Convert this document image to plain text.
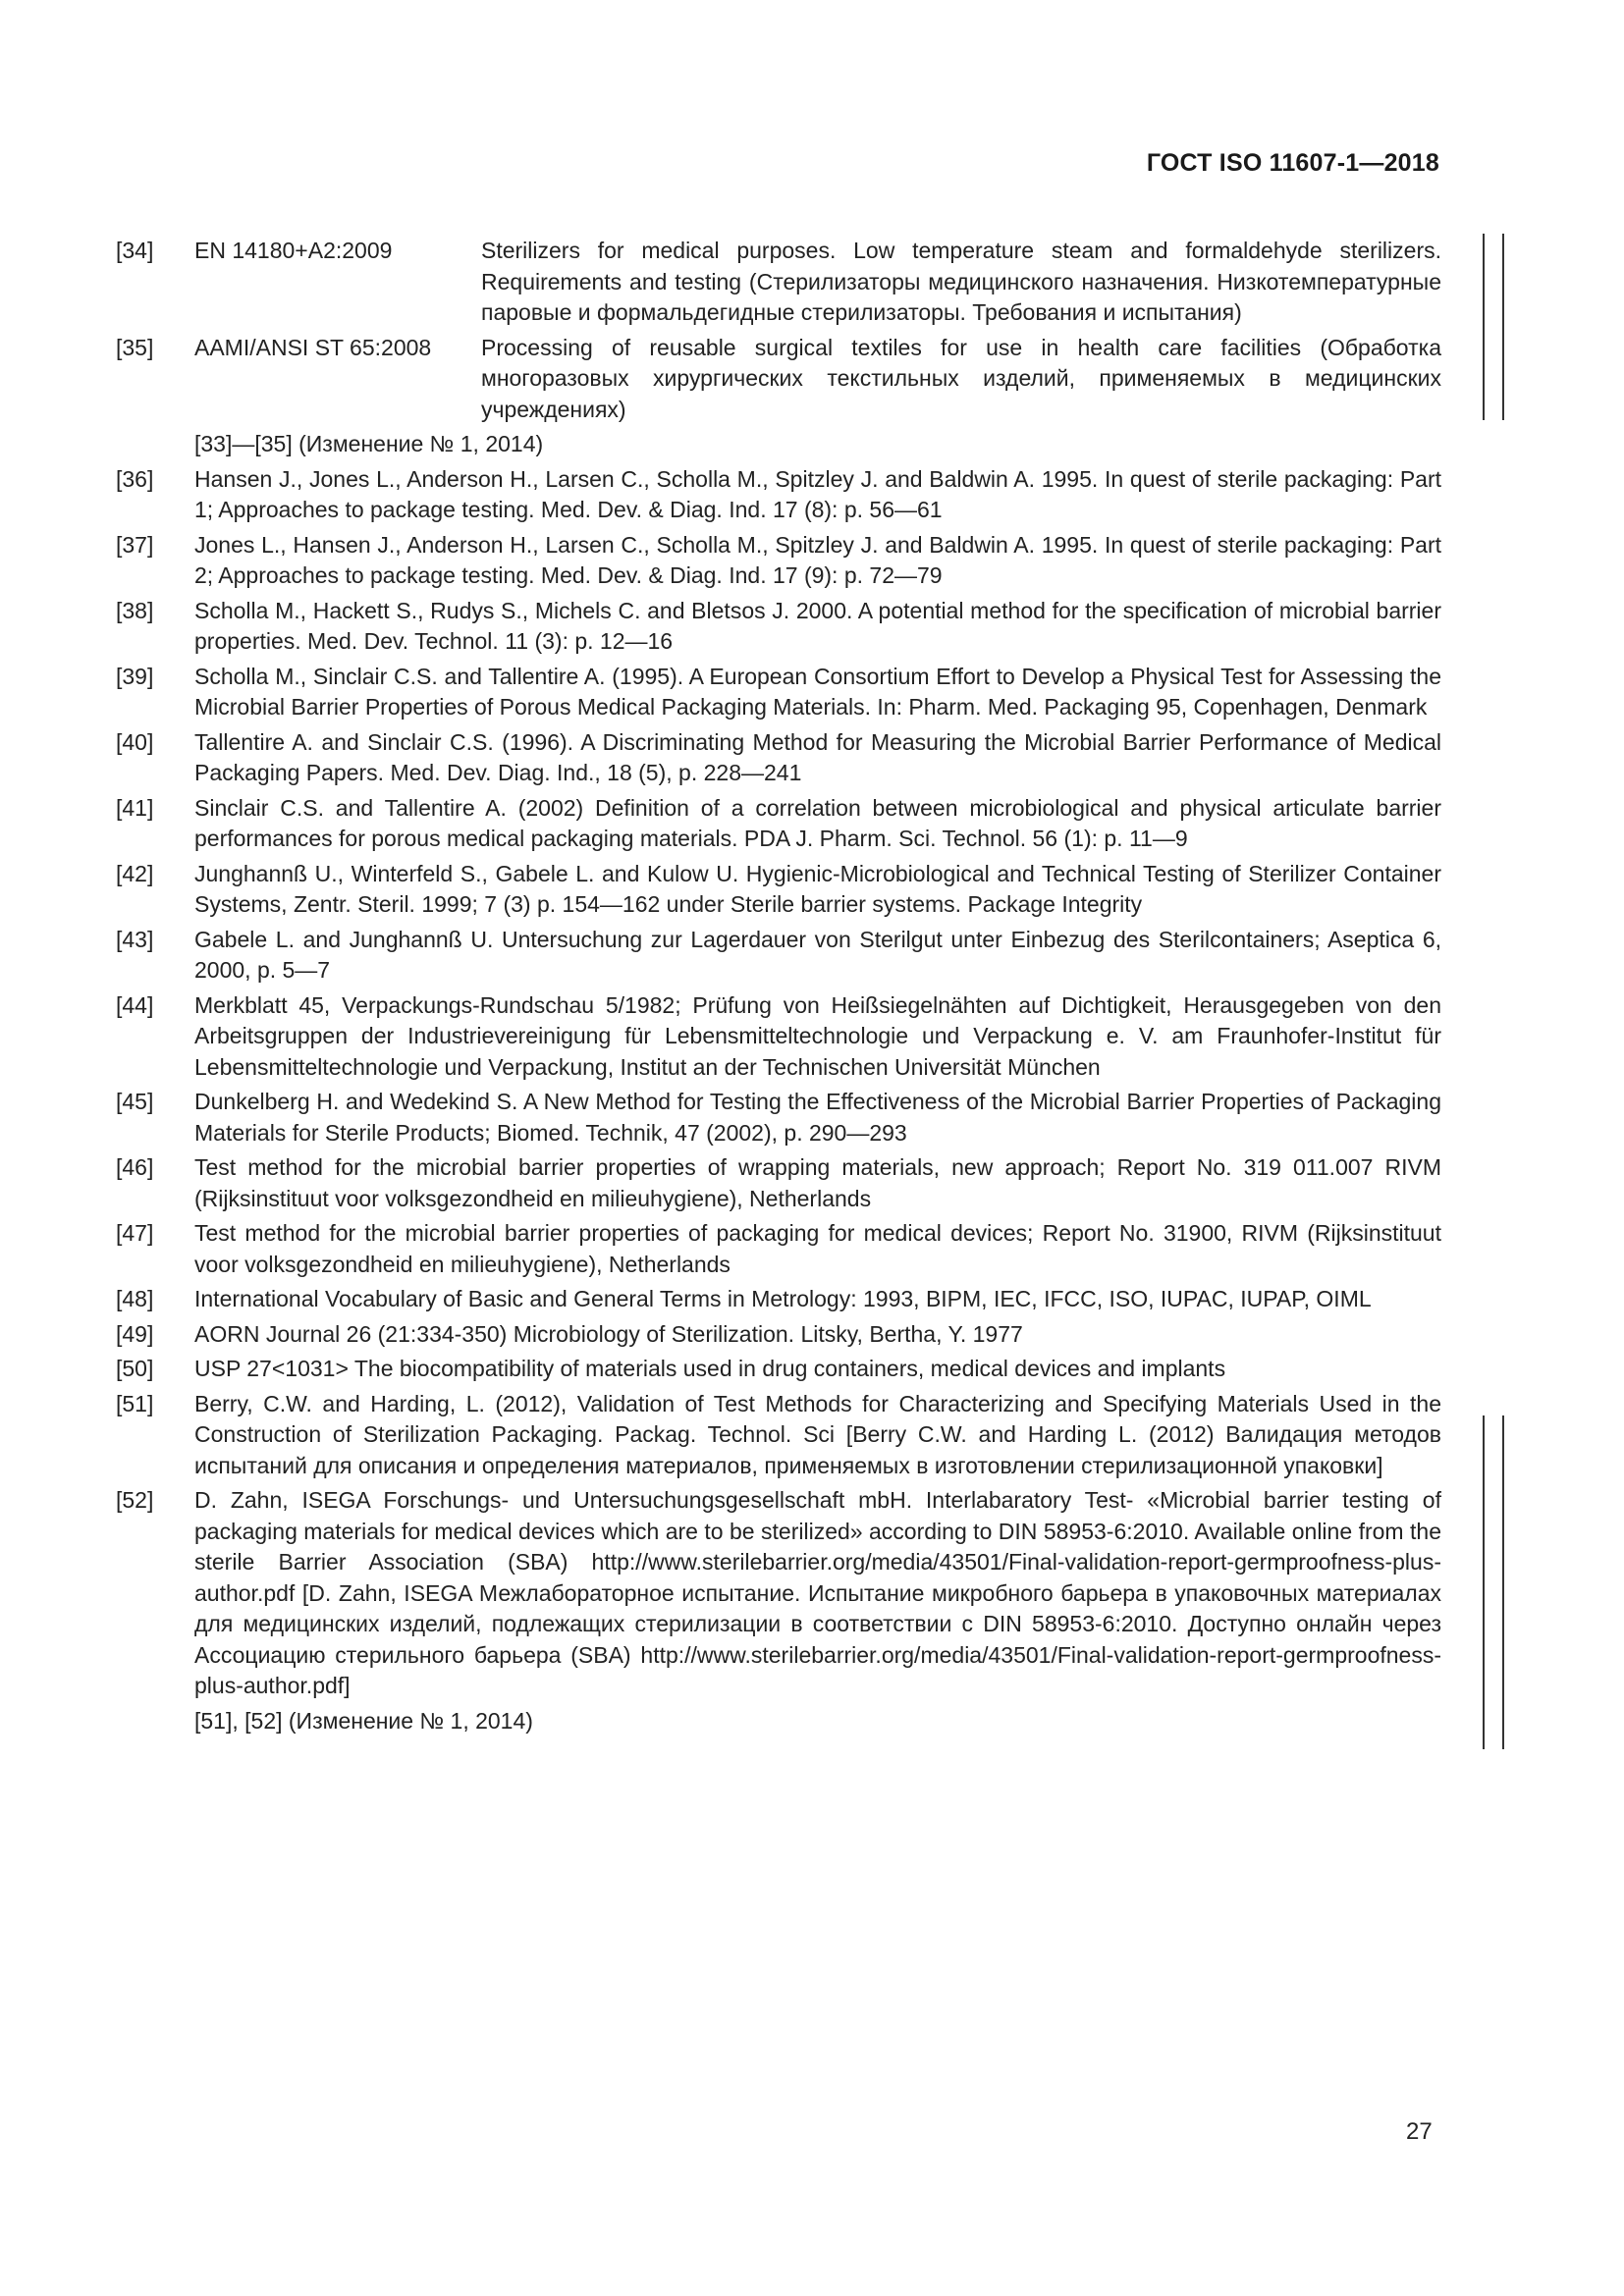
ГОСТ ISO 11607-1—2018
[34]	EN 14180+A2:2009	Sterilizers for medical purposes. Low temperature steam and formaldehyde sterilizers. Requirements and testing (Стерилизаторы медицинского назначения. Низкотемпературные паровые и формальдегидные стерилизаторы. Требования и испытания)
[35]	AAMI/ANSI ST 65:2008	Processing of reusable surgical textiles for use in health care facilities (Обработка многоразовых хирургических текстильных изделий, применяемых в медицинских учреждениях)
[33]—[35] (Изменение № 1, 2014)
[36]	Hansen J., Jones L., Anderson H., Larsen C., Scholla M., Spitzley J. and Baldwin A. 1995. In quest of sterile packaging: Part 1; Approaches to package testing. Med. Dev. & Diag. Ind. 17 (8): p. 56—61
[37]	Jones L., Hansen J., Anderson H., Larsen C., Scholla M., Spitzley J. and Baldwin A. 1995. In quest of sterile packaging: Part 2; Approaches to package testing. Med. Dev. & Diag. Ind. 17 (9): p. 72—79
[38]	Scholla M., Hackett S., Rudys S., Michels C. and Bletsos J. 2000. A potential method for the specification of microbial barrier properties. Med. Dev. Technol. 11 (3): p. 12—16
[39]	Scholla M., Sinclair C.S. and Tallentire A. (1995). A European Consortium Effort to Develop a Physical Test for Assessing the Microbial Barrier Properties of Porous Medical Packaging Materials. In: Pharm. Med. Packaging 95, Copenhagen, Denmark
[40]	Tallentire A. and Sinclair C.S. (1996). A Discriminating Method for Measuring the Microbial Barrier Performance of Medical Packaging Papers. Med. Dev. Diag. Ind., 18 (5), p. 228—241
[41]	Sinclair C.S. and Tallentire A. (2002) Definition of a correlation between microbiological and physical articulate barrier performances for porous medical packaging materials. PDA J. Pharm. Sci. Technol. 56 (1): p. 11—9
[42]	Junghannß U., Winterfeld S., Gabele L. and Kulow U. Hygienic-Microbiological and Technical Testing of Sterilizer Container Systems, Zentr. Steril. 1999; 7 (3) p. 154—162 under Sterile barrier systems. Package Integrity
[43]	Gabele L. and Junghannß U. Untersuchung zur Lagerdauer von Sterilgut unter Einbezug des Sterilcontainers; Aseptica 6, 2000, p. 5—7
[44]	Merkblatt 45, Verpackungs-Rundschau 5/1982; Prüfung von Heißsiegelnähten auf Dichtigkeit, Herausgegeben von den Arbeitsgruppen der Industrievereinigung für Lebensmitteltechnologie und Verpackung e. V. am Fraunhofer-Institut für Lebensmitteltechnologie und Verpackung, Institut an der Technischen Universität München
[45]	Dunkelberg H. and Wedekind S. A New Method for Testing the Effectiveness of the Microbial Barrier Properties of Packaging Materials for Sterile Products; Biomed. Technik, 47 (2002), p. 290—293
[46]	Test method for the microbial barrier properties of wrapping materials, new approach; Report No. 319 011.007 RIVM (Rijksinstituut voor volksgezondheid en milieuhygiene), Netherlands
[47]	Test method for the microbial barrier properties of packaging for medical devices; Report No. 31900, RIVM (Rijksinstituut voor volksgezondheid en milieuhygiene), Netherlands
[48]	International Vocabulary of Basic and General Terms in Metrology: 1993, BIPM, IEC, IFCC, ISO, IUPAC, IUPAP, OIML
[49]	AORN Journal 26 (21:334-350) Microbiology of Sterilization. Litsky, Bertha, Y. 1977
[50]	USP 27<1031> The biocompatibility of materials used in drug containers, medical devices and implants
[51]	Berry, C.W. and Harding, L. (2012), Validation of Test Methods for Characterizing and Specifying Materials Used in the Construction of Sterilization Packaging. Packag. Technol. Sci [Berry C.W. and Harding L. (2012) Валидация методов испытаний для описания и определения материалов, применяемых в изготовлении стерилизационной упаковки]
[52]	D. Zahn, ISEGA Forschungs- und Untersuchungsgesellschaft mbH. Interlabaratory Test- «Microbial barrier testing of packaging materials for medical devices which are to be sterilized» according to DIN 58953-6:2010. Available online from the sterile Barrier Association (SBA) http://www.sterilebarrier.org/media/43501/Final-validation-report-germproofness-plus-author.pdf [D. Zahn, ISEGA Межлабораторное испытание. Испытание микробного барьера в упаковочных материалах для медицинских изделий, подлежащих стерилизации в соответствии с DIN 58953-6:2010. Доступно онлайн через Ассоциацию стерильного барьера (SBA) http://www.sterilebarrier.org/media/43501/Final-validation-report-germproofness-plus-author.pdf]
[51], [52] (Изменение № 1, 2014)
27
